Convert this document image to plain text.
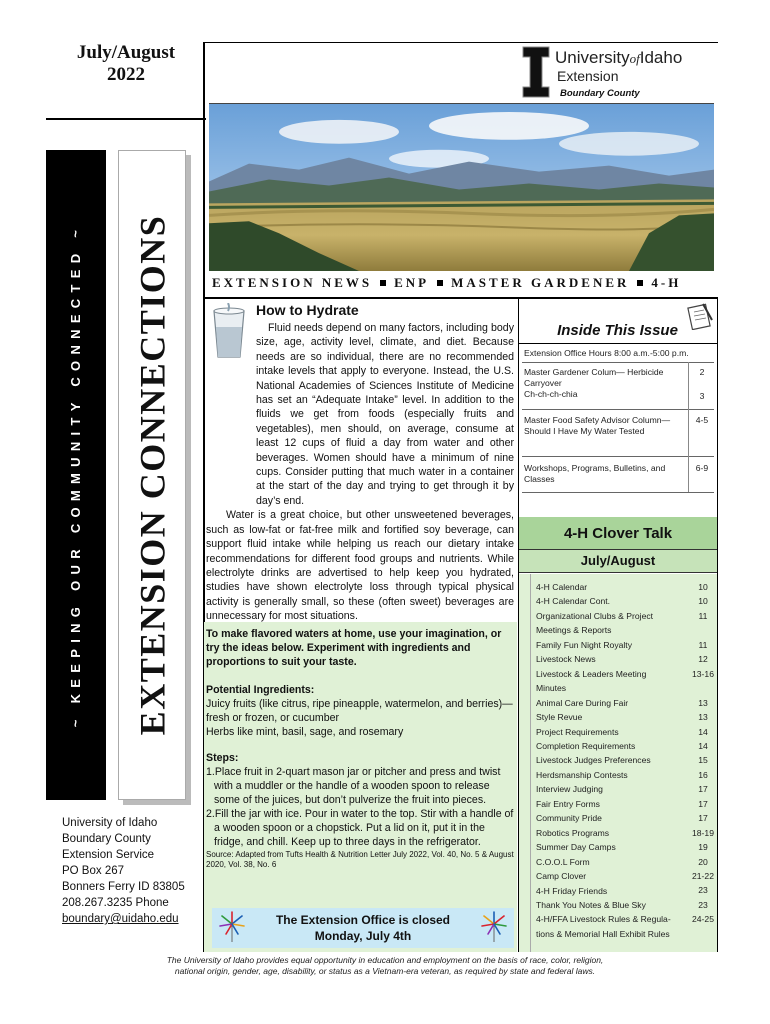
July/August
2022
~ KEEPING OUR COMMUNITY CONNECTED ~ EXTENSION CONNECTIONS
University of Idaho
Boundary County
Extension Service
PO Box 267
Bonners Ferry ID 83805
208.267.3235 Phone
boundary@uidaho.edu
UniversityofIdaho
Extension
Boundary County
EXTENSION NEWS ENP MASTER GARDENER 4-H
How to Hydrate

Fluid needs depend on many factors, including body size, age, activity level, climate, and diet. Because needs are so individual, there are no recommended intake levels that apply to everyone. Instead, the U.S. National Academies of Sciences Institute of Medicine has set an “Adequate Intake” level. In addition to the fluids we get from foods (especially fruits and vegetables), men should, on average, consume at least 12 cups of fluid a day from water and other beverages. Women should have a minimum of nine cups. Consider putting that much water in a container at the start of the day and trying to get through it by day’s end.

Water is a great choice, but other unsweetened beverages, such as low-fat or fat-free milk and fortified soy beverage, can support fluid intake while helping us reach our dietary intake recommendations for different food groups and nutrients. While electrolyte drinks are advertised to help keep you hydrated, studies have shown electrolyte loss through typical physical activity is generally small, so these (often sweet) beverages are unnecessary for most situations.

To make flavored waters at home, use your imagination, or try the ideas below. Experiment with ingredients and proportions to suit your taste.
Potential Ingredients:
Juicy fruits (like citrus, ripe pineapple, watermelon, and berries)—fresh or frozen, or cucumber
Herbs like mint, basil, sage, and rosemary
Steps:
1.Place fruit in 2-quart mason jar or pitcher and press and twist with a muddler or the handle of a wooden spoon to release some of the juices, but don’t pulverize the fruit into pieces.
2.Fill the jar with ice. Pour in water to the top. Stir with a handle of a wooden spoon or a chopstick. Put a lid on it, put it in the fridge, and chill. Keep up to three days in the refrigerator.
Source: Adapted from Tufts Health & Nutrition Letter July 2022, Vol. 40, No. 5 & August 2020, Vol. 38, No. 6
The Extension Office is closed
Monday, July 4th
Inside This Issue
Extension Office Hours 8:00 a.m.-5:00 p.m.
Master Gardener Colum— Herbicide Carryover
2
Ch-ch-ch-chia	3
Master Food Safety Advisor Column—Should I Have My Water Tested
4-5
Workshops, Programs, Bulletins, and Classes
6-9
4-H Clover Talk
July/August
4-H Calendar
4-H Calendar Cont.
Organizational Clubs & Project
Meetings & Reports
Family Fun Night Royalty
Livestock News
Livestock & Leaders Meeting
Minutes
Animal Care During Fair
Style Revue
Project Requirements
Completion Requirements
Livestock Judges Preferences
Herdsmanship Contests
Interview Judging
Fair Entry Forms
Community Pride
Robotics Programs
Summer Day Camps
C.O.O.L Form
Camp Clover
4-H Friday Friends
Thank You Notes & Blue Sky
4-H/FFA Livestock Rules & Regula-
tions & Memorial Hall Exhibit Rules
10
10
11
11
12
13-16
13
13
14
14
15
16
17
17
17
18-19
19
20
21-22
23
23
24-25
The University of Idaho provides equal opportunity in education and employment on the basis of race, color, religion,
national origin, gender, age, disability, or status as a Vietnam-era veteran, as required by state and federal laws.
